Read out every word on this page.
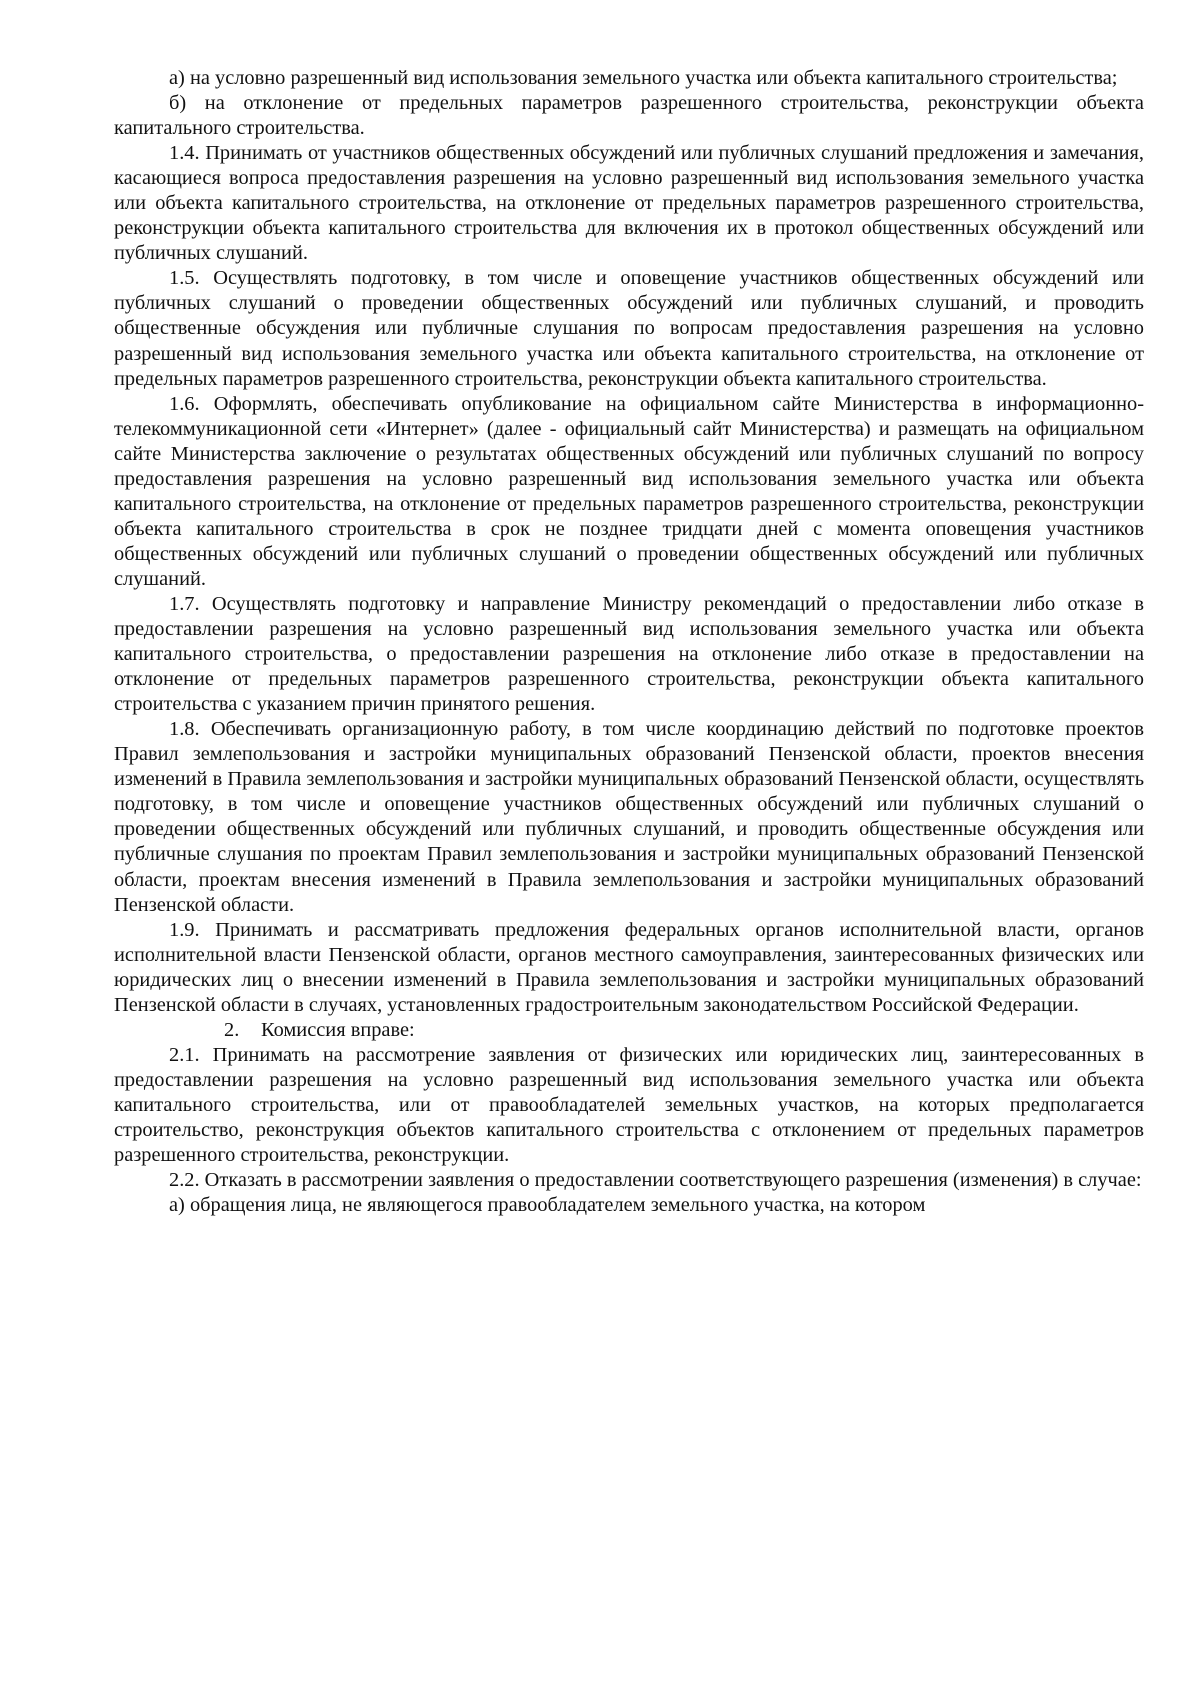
а) на условно разрешенный вид использования земельного участка или объекта капитального строительства;

б) на отклонение от предельных параметров разрешенного строительства, реконструкции объекта капитального строительства.

1.4. Принимать от участников общественных обсуждений или публичных слушаний предложения и замечания, касающиеся вопроса предоставления разрешения на условно разрешенный вид использования земельного участка или объекта капитального строительства, на отклонение от предельных параметров разрешенного строительства, реконструкции объекта капитального строительства для включения их в протокол общественных обсуждений или публичных слушаний.

1.5. Осуществлять подготовку, в том числе и оповещение участников общественных обсуждений или публичных слушаний о проведении общественных обсуждений или публичных слушаний, и проводить общественные обсуждения или публичные слушания по вопросам предоставления разрешения на условно разрешенный вид использования земельного участка или объекта капитального строительства, на отклонение от предельных параметров разрешенного строительства, реконструкции объекта капитального строительства.

1.6. Оформлять, обеспечивать опубликование на официальном сайте Министерства в информационно-телекоммуникационной сети «Интернет» (далее - официальный сайт Министерства) и размещать на официальном сайте Министерства заключение о результатах общественных обсуждений или публичных слушаний по вопросу предоставления разрешения на условно разрешенный вид использования земельного участка или объекта капитального строительства, на отклонение от предельных параметров разрешенного строительства, реконструкции объекта капитального строительства в срок не позднее тридцати дней с момента оповещения участников общественных обсуждений или публичных слушаний о проведении общественных обсуждений или публичных слушаний.

1.7. Осуществлять подготовку и направление Министру рекомендаций о предоставлении либо отказе в предоставлении разрешения на условно разрешенный вид использования земельного участка или объекта капитального строительства, о предоставлении разрешения на отклонение либо отказе в предоставлении на отклонение от предельных параметров разрешенного строительства, реконструкции объекта капитального строительства с указанием причин принятого решения.

1.8. Обеспечивать организационную работу, в том числе координацию действий по подготовке проектов Правил землепользования и застройки муниципальных образований Пензенской области, проектов внесения изменений в Правила землепользования и застройки муниципальных образований Пензенской области, осуществлять подготовку, в том числе и оповещение участников общественных обсуждений или публичных слушаний о проведении общественных обсуждений или публичных слушаний, и проводить общественные обсуждения или публичные слушания по проектам Правил землепользования и застройки муниципальных образований Пензенской области, проектам внесения изменений в Правила землепользования и застройки муниципальных образований Пензенской области.

1.9. Принимать и рассматривать предложения федеральных органов исполнительной власти, органов исполнительной власти Пензенской области, органов местного самоуправления, заинтересованных физических или юридических лиц о внесении изменений в Правила землепользования и застройки муниципальных образований Пензенской области в случаях, установленных градостроительным законодательством Российской Федерации.

2. Комиссия вправе:

2.1. Принимать на рассмотрение заявления от физических или юридических лиц, заинтересованных в предоставлении разрешения на условно разрешенный вид использования земельного участка или объекта капитального строительства, или от правообладателей земельных участков, на которых предполагается строительство, реконструкция объектов капитального строительства с отклонением от предельных параметров разрешенного строительства, реконструкции.

2.2. Отказать в рассмотрении заявления о предоставлении соответствующего разрешения (изменения) в случае:

а) обращения лица, не являющегося правообладателем земельного участка, на котором
